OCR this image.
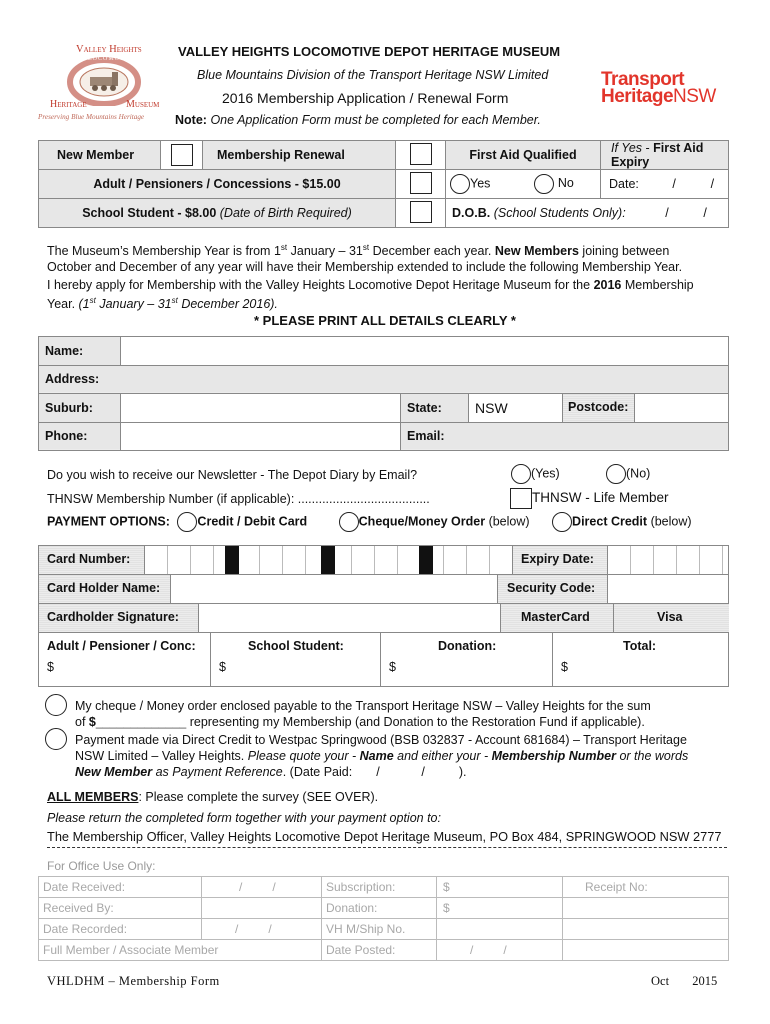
Valley Heights
LOCOMOTIVE
Heritage	Museum
Preserving Blue Mountains Heritage
VALLEY HEIGHTS LOCOMOTIVE DEPOT HERITAGE MUSEUM
Blue Mountains Division of the Transport Heritage NSW Limited
2016 Membership Application / Renewal Form
Note: One Application Form must be completed for each Member.
Transport
HeritageNSW
New Member		Membership Renewal		First Aid Qualified	If Yes - First Aid Expiry
Adult / Pensioners / Concessions - $15.00				Yes No	Date: /          /
School Student - $8.00 (Date of Birth Required)				D.O.B. (School Students Only): /          /	
The Museum’s Membership Year is from 1st January – 31st December each year. New Members joining between
October and December of any year will have their Membership extended to include the following Membership Year.
I hereby apply for Membership with the Valley Heights Locomotive Depot Heritage Museum for the 2016 Membership
Year. (1st January – 31st December 2016).
* PLEASE PRINT ALL DETAILS CLEARLY *
Name:				
Address:				
Suburb:		State:	NSW	Postcode:

Phone:		Email:		
Do you wish to receive our Newsletter - The Depot Diary by Email?	(Yes)	(No)
THNSW Membership Number (if applicable): ......................................	THNSW - Life Member
PAYMENT OPTIONS: Credit / Debit Card	Cheque/Money Order (below)	Direct Credit (below)
Card Number:	Expiry Date:
Card Holder Name:	Security Code:
Cardholder Signature:	MasterCard	Visa
Adult / Pensioner / Conc:
$
School Student:
$
Donation:
$
Total:
$
My cheque / Money order enclosed payable to the Transport Heritage NSW – Valley Heights for the sum
of $_____________ representing my Membership (and Donation to the Restoration Fund if applicable).
Payment made via Direct Credit to Westpac Springwood (BSB 032837 - Account 681684) – Transport Heritage
NSW Limited – Valley Heights. Please quote your - Name and either your - Membership Number or the words
New Member as Payment Reference. (Date Paid: /            /	).
ALL MEMBERS: Please complete the survey (SEE OVER).
Please return the completed form together with your payment option to:
The Membership Officer, Valley Heights Locomotive Depot Heritage Museum, PO Box 484, SPRINGWOOD NSW 2777
For Office Use Only:
Date Received:	/         /	Subscription:	$	Receipt No:
Received By:		Donation:	$	
Date Recorded:	/         /	VH M/Ship No.		
Full Member / Associate Member		Date Posted:	/         /	
VHLDHM – Membership Form	Oct 2015
